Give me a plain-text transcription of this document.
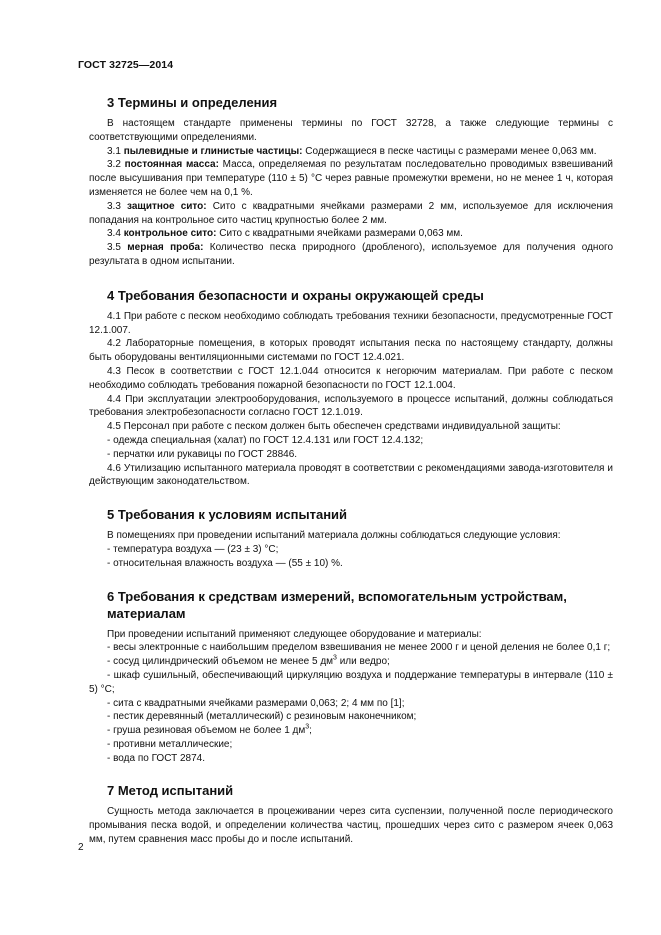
ГОСТ 32725—2014
3 Термины и определения

В настоящем стандарте применены термины по ГОСТ 32728, а также следующие термины с соответствующими определениями.

3.1 пылевидные и глинистые частицы: Содержащиеся в песке частицы с размерами менее 0,063 мм.

3.2 постоянная масса: Масса, определяемая по результатам последовательно проводимых взвешиваний после высушивания при температуре (110 ± 5) °С через равные промежутки времени, но не менее 1 ч, которая изменяется не более чем на 0,1 %.

3.3 защитное сито: Сито с квадратными ячейками размерами 2 мм, используемое для исключения попадания на контрольное сито частиц крупностью более 2 мм.

3.4 контрольное сито: Сито с квадратными ячейками размерами 0,063 мм.

3.5 мерная проба: Количество песка природного (дробленого), используемое для получения одного результата в одном испытании.

4 Требования безопасности и охраны окружающей среды

4.1 При работе с песком необходимо соблюдать требования техники безопасности, предусмотренные ГОСТ 12.1.007.

4.2 Лабораторные помещения, в которых проводят испытания песка по настоящему стандарту, должны быть оборудованы вентиляционными системами по ГОСТ 12.4.021.

4.3 Песок в соответствии с ГОСТ 12.1.044 относится к негорючим материалам. При работе с песком необходимо соблюдать требования пожарной безопасности по ГОСТ 12.1.004.

4.4 При эксплуатации электрооборудования, используемого в процессе испытаний, должны соблюдаться требования электробезопасности согласно ГОСТ 12.1.019.

4.5 Персонал при работе с песком должен быть обеспечен средствами индивидуальной защиты:

- одежда специальная (халат) по ГОСТ 12.4.131 или ГОСТ 12.4.132;

- перчатки или рукавицы по ГОСТ 28846.

4.6 Утилизацию испытанного материала проводят в соответствии с рекомендациями завода-изготовителя и действующим законодательством.

5 Требования к условиям испытаний

В помещениях при проведении испытаний материала должны соблюдаться следующие условия:

- температура воздуха — (23 ± 3) °С;

- относительная влажность воздуха — (55 ± 10) %.

6 Требования к средствам измерений, вспомогательным устройствам, материалам

При проведении испытаний применяют следующее оборудование и материалы:

- весы электронные с наибольшим пределом взвешивания не менее 2000 г и ценой деления не более 0,1 г;

- сосуд цилиндрический объемом не менее 5 $дм^3$ или ведро;

- шкаф сушильный, обеспечивающий циркуляцию воздуха и поддержание температуры в интервале (110 ± 5) °С;

- сита с квадратными ячейками размерами 0,063; 2; 4 мм по [1];

- пестик деревянный (металлический) с резиновым наконечником;

- груша резиновая объемом не более 1 $дм^3$;

- противни металлические;

- вода по ГОСТ 2874.

7 Метод испытаний

Сущность метода заключается в процеживании через сита суспензии, полученной после периодического промывания песка водой, и определении количества частиц, прошедших через сито с размером ячеек 0,063 мм, путем сравнения масс пробы до и после испытаний.

2
